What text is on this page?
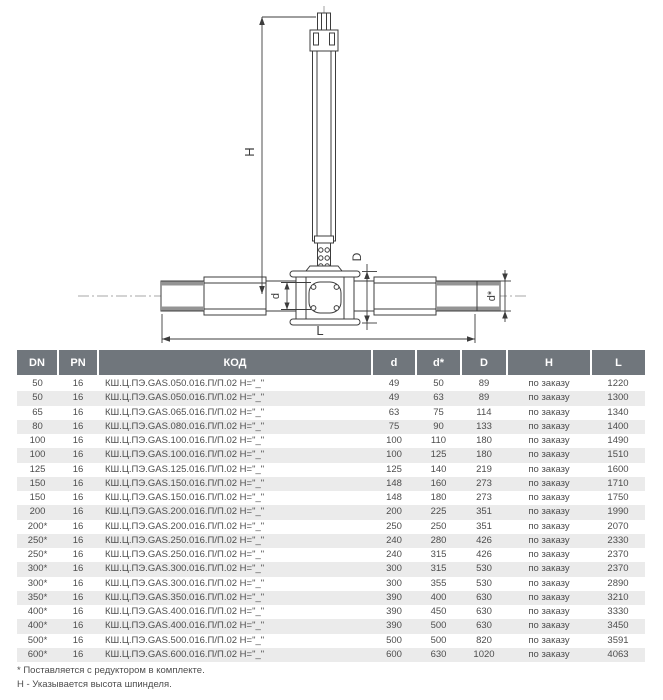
H
d
D
d*
L
DN	PN	КОД	d	d*	D	H	L
50	16	КШ.Ц.ПЭ.GAS.050.016.П/П.02 Н="_"	49	50	89	по заказу	1220
50	16	КШ.Ц.ПЭ.GAS.050.016.П/П.02 Н="_"	49	63	89	по заказу	1300
65	16	КШ.Ц.ПЭ.GAS.065.016.П/П.02 Н="_"	63	75	114	по заказу	1340
80	16	КШ.Ц.ПЭ.GAS.080.016.П/П.02 Н="_"	75	90	133	по заказу	1400
100	16	КШ.Ц.ПЭ.GAS.100.016.П/П.02 Н="_"	100	110	180	по заказу	1490
100	16	КШ.Ц.ПЭ.GAS.100.016.П/П.02 Н="_"	100	125	180	по заказу	1510
125	16	КШ.Ц.ПЭ.GAS.125.016.П/П.02 Н="_"	125	140	219	по заказу	1600
150	16	КШ.Ц.ПЭ.GAS.150.016.П/П.02 Н="_"	148	160	273	по заказу	1710
150	16	КШ.Ц.ПЭ.GAS.150.016.П/П.02 Н="_"	148	180	273	по заказу	1750
200	16	КШ.Ц.ПЭ.GAS.200.016.П/П.02 Н="_"	200	225	351	по заказу	1990
200*	16	КШ.Ц.ПЭ.GAS.200.016.П/П.02 Н="_"	250	250	351	по заказу	2070
250*	16	КШ.Ц.ПЭ.GAS.250.016.П/П.02 Н="_"	240	280	426	по заказу	2330
250*	16	КШ.Ц.ПЭ.GAS.250.016.П/П.02 Н="_"	240	315	426	по заказу	2370
300*	16	КШ.Ц.ПЭ.GAS.300.016.П/П.02 Н="_"	300	315	530	по заказу	2370
300*	16	КШ.Ц.ПЭ.GAS.300.016.П/П.02 Н="_"	300	355	530	по заказу	2890
350*	16	КШ.Ц.ПЭ.GAS.350.016.П/П.02 Н="_"	390	400	630	по заказу	3210
400*	16	КШ.Ц.ПЭ.GAS.400.016.П/П.02 Н="_"	390	450	630	по заказу	3330
400*	16	КШ.Ц.ПЭ.GAS.400.016.П/П.02 Н="_"	390	500	630	по заказу	3450
500*	16	КШ.Ц.ПЭ.GAS.500.016.П/П.02 Н="_"	500	500	820	по заказу	3591
600*	16	КШ.Ц.ПЭ.GAS.600.016.П/П.02 Н="_"	600	630	1020	по заказу	4063
* Поставляется с редуктором в комплекте.
Н - Указывается высота шпинделя.
